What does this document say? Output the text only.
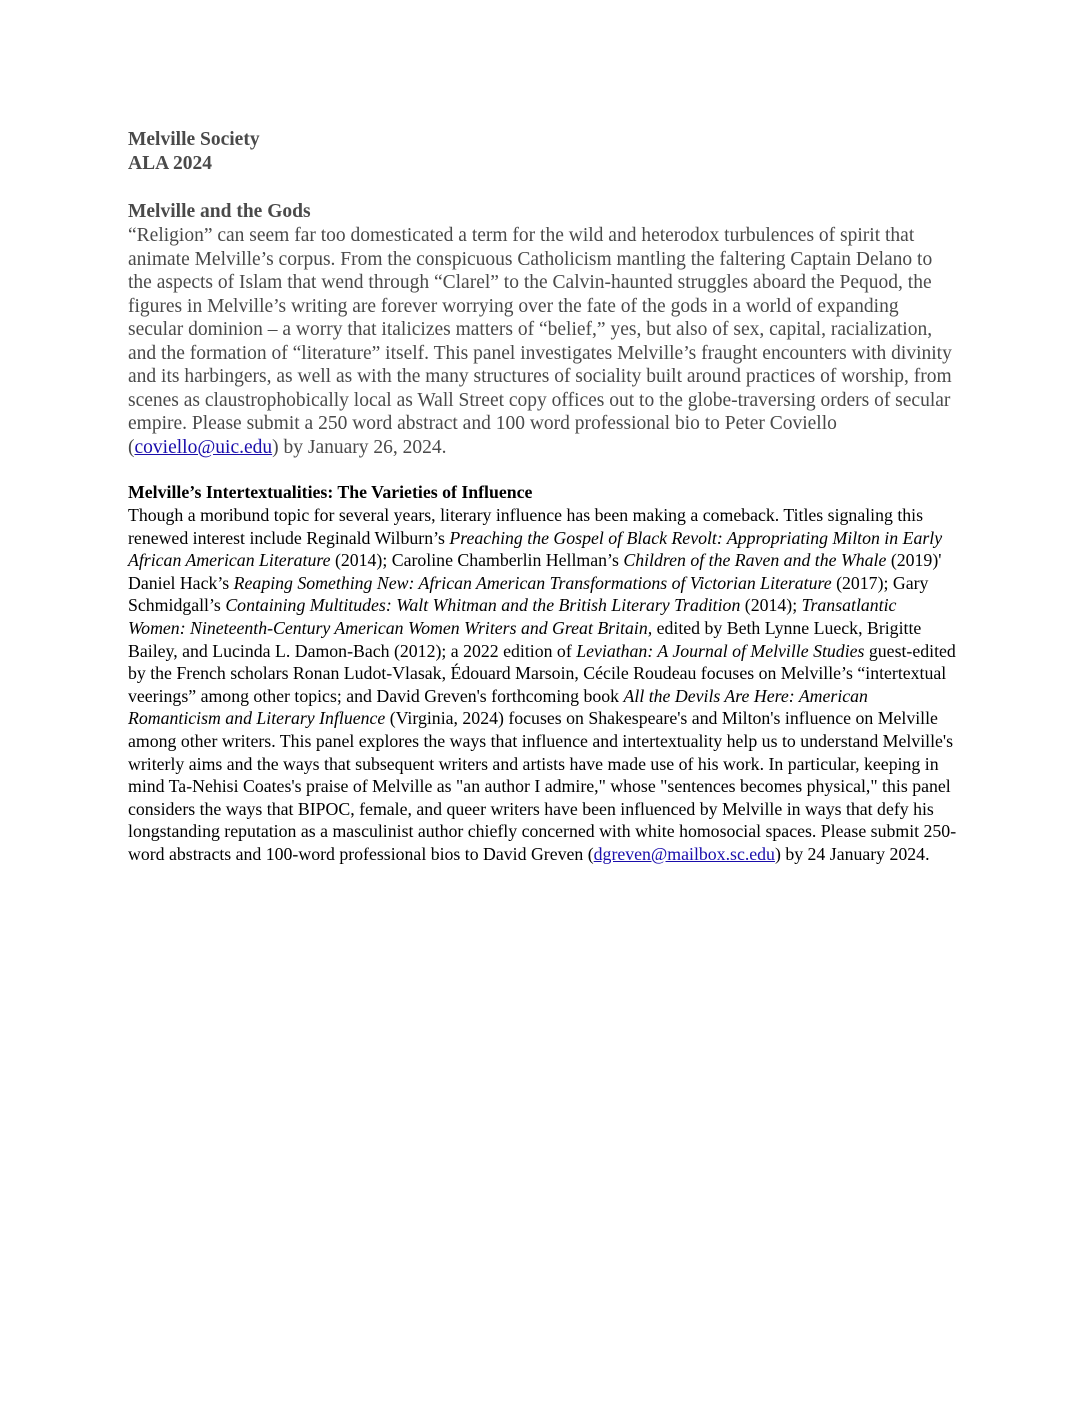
Melville Society
ALA 2024
Melville and the Gods

“Religion” can seem far too domesticated a term for the wild and heterodox turbulences of spirit that animate Melville’s corpus. From the conspicuous Catholicism mantling the faltering Captain Delano to the aspects of Islam that wend through “Clarel” to the Calvin-haunted struggles aboard the Pequod, the figures in Melville’s writing are forever worrying over the fate of the gods in a world of expanding secular dominion – a worry that italicizes matters of “belief,” yes, but also of sex, capital, racialization, and the formation of “literature” itself. This panel investigates Melville’s fraught encounters with divinity and its harbingers, as well as with the many structures of sociality built around practices of worship, from scenes as claustrophobically local as Wall Street copy offices out to the globe-traversing orders of secular empire. Please submit a 250 word abstract and 100 word professional bio to Peter Coviello (coviello@uic.edu) by January 26, 2024.

Melville’s Intertextualities: The Varieties of Influence

Though a moribund topic for several years, literary influence has been making a comeback. Titles signaling this renewed interest include Reginald Wilburn’s Preaching the Gospel of Black Revolt: Appropriating Milton in Early African American Literature (2014); Caroline Chamberlin Hellman’s Children of the Raven and the Whale (2019)' Daniel Hack’s Reaping Something New: African American Transformations of Victorian Literature (2017); Gary Schmidgall’s Containing Multitudes: Walt Whitman and the British Literary Tradition (2014); Transatlantic Women: Nineteenth-Century American Women Writers and Great Britain, edited by Beth Lynne Lueck, Brigitte Bailey, and Lucinda L. Damon-Bach (2012); a 2022 edition of Leviathan: A Journal of Melville Studies guest-edited by the French scholars Ronan Ludot-Vlasak, Édouard Marsoin, Cécile Roudeau focuses on Melville’s “intertextual veerings” among other topics; and David Greven's forthcoming book All the Devils Are Here: American Romanticism and Literary Influence (Virginia, 2024) focuses on Shakespeare's and Milton's influence on Melville among other writers. This panel explores the ways that influence and intertextuality help us to understand Melville's writerly aims and the ways that subsequent writers and artists have made use of his work. In particular, keeping in mind Ta-Nehisi Coates's praise of Melville as "an author I admire," whose "sentences becomes physical," this panel considers the ways that BIPOC, female, and queer writers have been influenced by Melville in ways that defy his longstanding reputation as a masculinist author chiefly concerned with white homosocial spaces. Please submit 250-word abstracts and 100-word professional bios to David Greven (dgreven@mailbox.sc.edu) by 24 January 2024.
